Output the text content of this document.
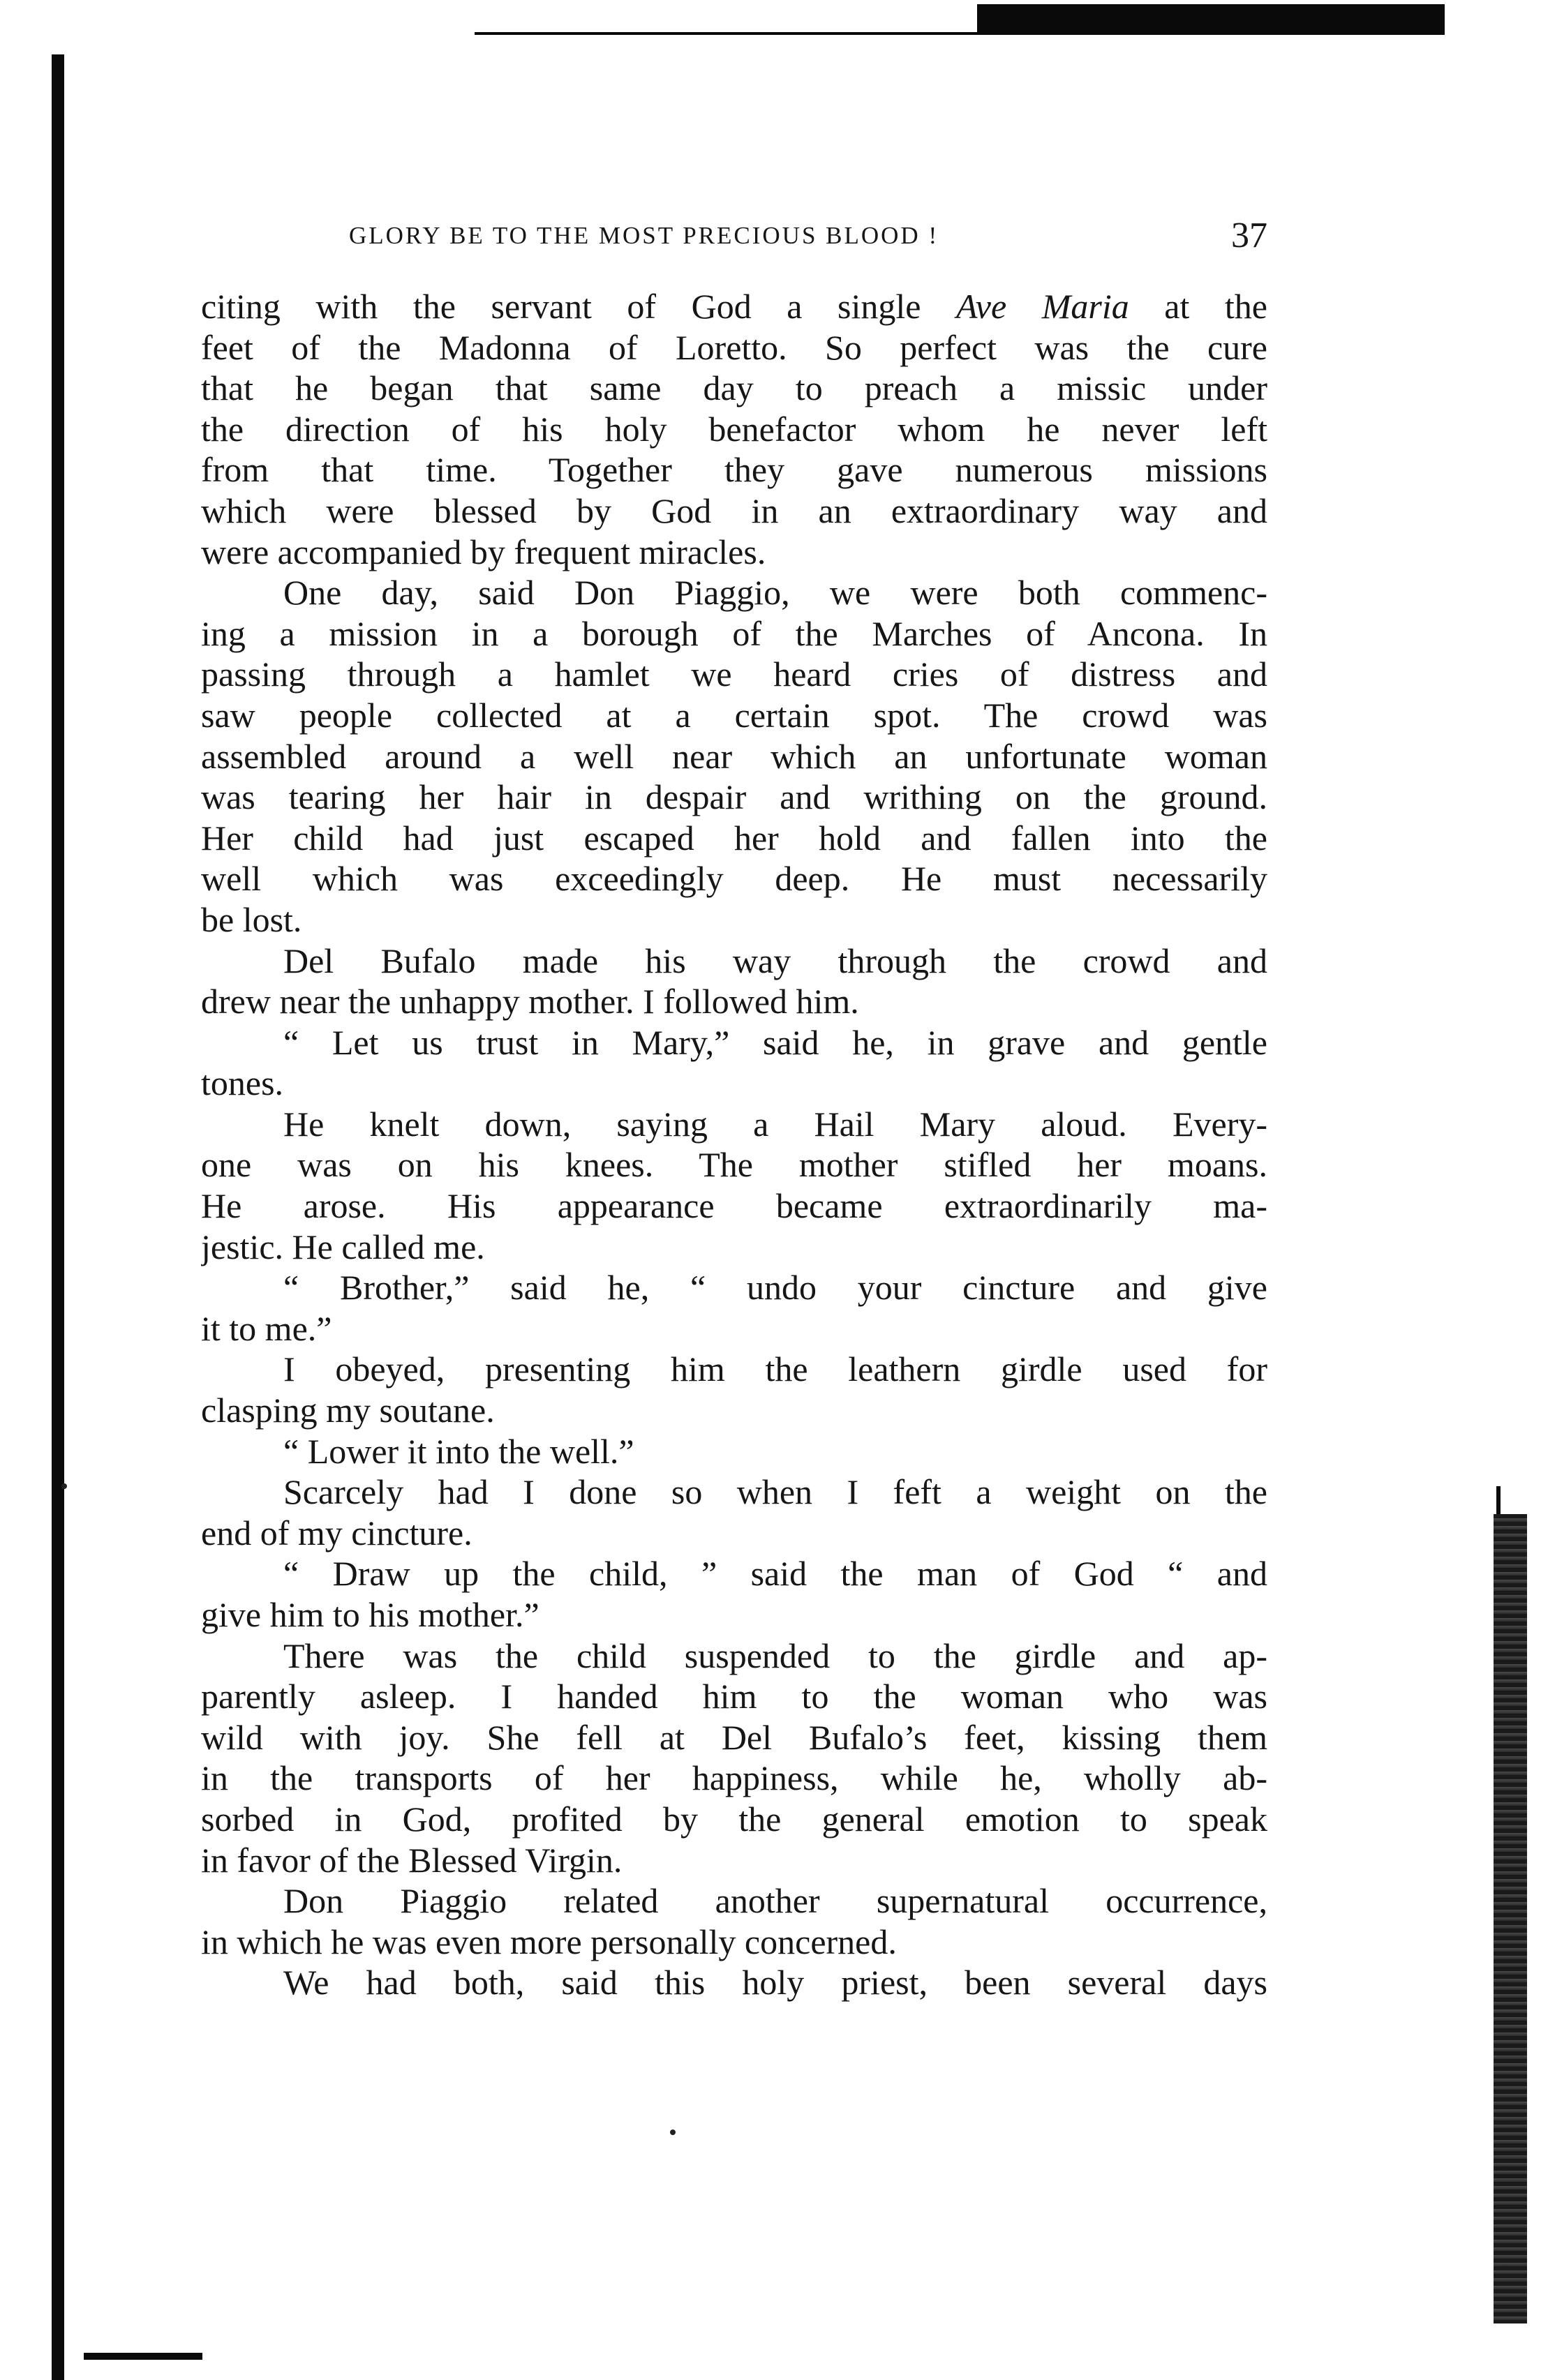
GLORY BE TO THE MOST PRECIOUS BLOOD !	37
citing with the servant of God a single Ave Maria at the
feet of the Madonna of Loretto. So perfect was the cure
that he began that same day to preach a missic under
the direction of his holy benefactor whom he never left
from that time. Together they gave numerous missions
which were blessed by God in an extraordinary way and
were accompanied by frequent miracles.
One day, said Don Piaggio, we were both commenc-
ing a mission in a borough of the Marches of Ancona. In
passing through a hamlet we heard cries of distress and
saw people collected at a certain spot. The crowd was
assembled around a well near which an unfortunate woman
was tearing her hair in despair and writhing on the ground.
Her child had just escaped her hold and fallen into the
well which was exceedingly deep. He must necessarily
be lost.
Del Bufalo made his way through the crowd and
drew near the unhappy mother. I followed him.
“ Let us trust in Mary,” said he, in grave and gentle
tones.
He knelt down, saying a Hail Mary aloud. Every-
one was on his knees. The mother stifled her moans.
He arose. His appearance became extraordinarily ma-
jestic. He called me.
“ Brother,” said he, “ undo your cincture and give
it to me.”
I obeyed, presenting him the leathern girdle used for
clasping my soutane.
“ Lower it into the well.”
Scarcely had I done so when I feft a weight on the
end of my cincture.
“ Draw up the child, ” said the man of God “ and
give him to his mother.”
There was the child suspended to the girdle and ap-
parently asleep. I handed him to the woman who was
wild with joy. She fell at Del Bufalo’s feet, kissing them
in the transports of her happiness, while he, wholly ab-
sorbed in God, profited by the general emotion to speak
in favor of the Blessed Virgin.
Don Piaggio related another supernatural occurrence,
in which he was even more personally concerned.
We had both, said this holy priest, been several days
